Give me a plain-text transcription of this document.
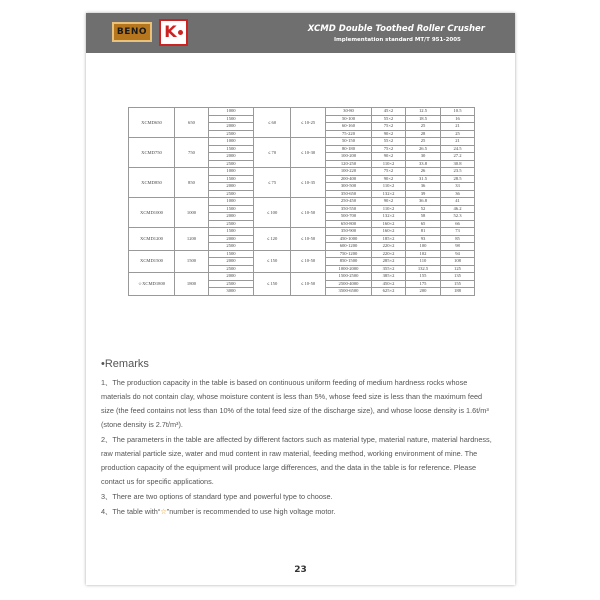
BENO	K	XCMD Double Toothed Roller Crusher
Implementation standard MT/T 951-2005
XCMD650	650	1000	≤ 60	≤ 10-25	30-80	45×2	12.5	10.5
		1500			50-100	55×2	18.5	16
		2000			60-160	75×2	25	21
		2500			75-220	90×2	28	25
XCMD750	750	1000	≤ 70	≤ 10-30	50-150	55×2	25	21
		1500			80-180	75×2	26.5	24.5
		2000			100-200	90×2	30	27.2
		2500			120-250	110×2	33.8	30.8
XCMD850	850	1000	≤ 75	≤ 10-35	100-220	75×2	26	23.5
		1500			200-400	90×2	31.5	28.5
		2000			300-500	110×2	36	33
		2500			350-650	132×2	39	36
XCMD1000	1000	1000	≤ 100	≤ 10-50	250-450	90×2	36.8	41
		1500			350-550	110×2	52	46.2
		2000			500-700	132×2	58	52.3
		2500			650-800	160×2	65	66
XCMD1200	1200	1500	≤ 120	≤ 10-50	350-900	160×2	81	73
		2000			450-1000	185×2	93	85
		2500			600-1200	220×2	100	98
XCMD1500	1500	1500	≤ 150	≤ 10-50	750-1200	220×2	102	94
		2000			850-1500	285×2	110	108
		2500			1000-2000	355×2	132.5	125
☆XCMD1800	1800	2000	≤ 150	≤ 10-50	1500-2500	385×2	155	135
		2500			2500-4000	450×2	175	155
		3000			3500-6500	625×2	200	188
•Remarks

1、The production capacity in the table is based on continuous uniform feeding of medium hardness rocks whose materials do not contain clay, whose moisture content is less than 5%, whose feed size is less than the maximum feed size (the feed contains not less than 10% of the total feed size of the discharge size), and whose loose density is 1.6t/m³ (stone density is 2.7t/m³).

2、The parameters in the table are affected by different factors such as material type, material nature, material hardness, raw material particle size, water and mud content in raw material, feeding method, working environment of mine. The production capacity of the equipment will produce large differences, and the data in the table is for reference. Please contact us for specific applications.

3、There are two options of standard type and powerful type to choose.

4、The table with“☆”number is recommended to use high voltage motor.

23
